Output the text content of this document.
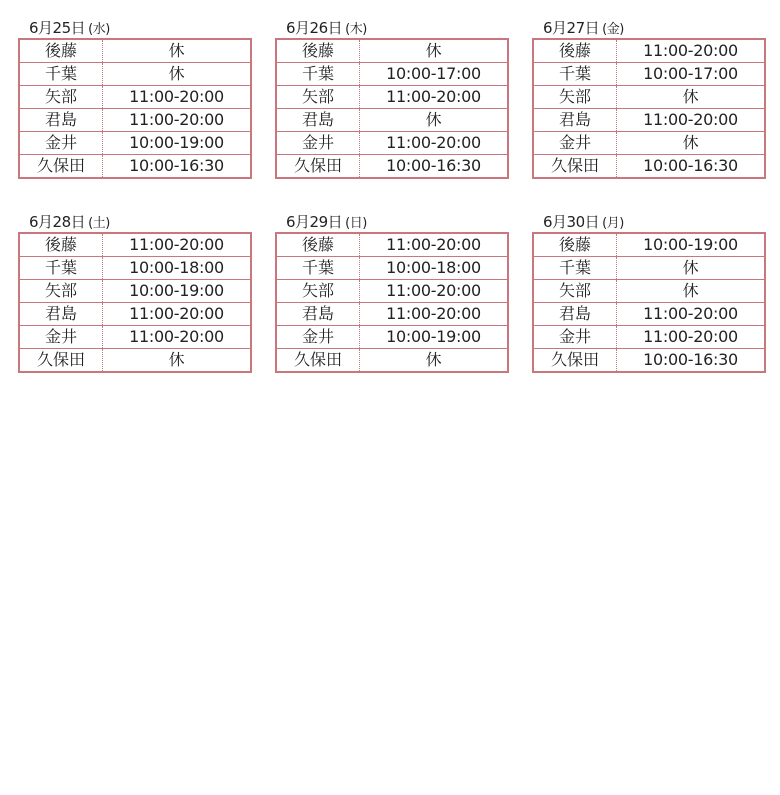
6月25日 (水)
後藤	休
千葉	休
矢部	11:00-20:00
君島	11:00-20:00
金井	10:00-19:00
久保田	10:00-16:30
6月26日 (木)
後藤	休
千葉	10:00-17:00
矢部	11:00-20:00
君島	休
金井	11:00-20:00
久保田	10:00-16:30
6月27日 (金)
後藤	11:00-20:00
千葉	10:00-17:00
矢部	休
君島	11:00-20:00
金井	休
久保田	10:00-16:30
6月28日 (土)
後藤	11:00-20:00
千葉	10:00-18:00
矢部	10:00-19:00
君島	11:00-20:00
金井	11:00-20:00
久保田	休
6月29日 (日)
後藤	11:00-20:00
千葉	10:00-18:00
矢部	11:00-20:00
君島	11:00-20:00
金井	10:00-19:00
久保田	休
6月30日 (月)
後藤	10:00-19:00
千葉	休
矢部	休
君島	11:00-20:00
金井	11:00-20:00
久保田	10:00-16:30
